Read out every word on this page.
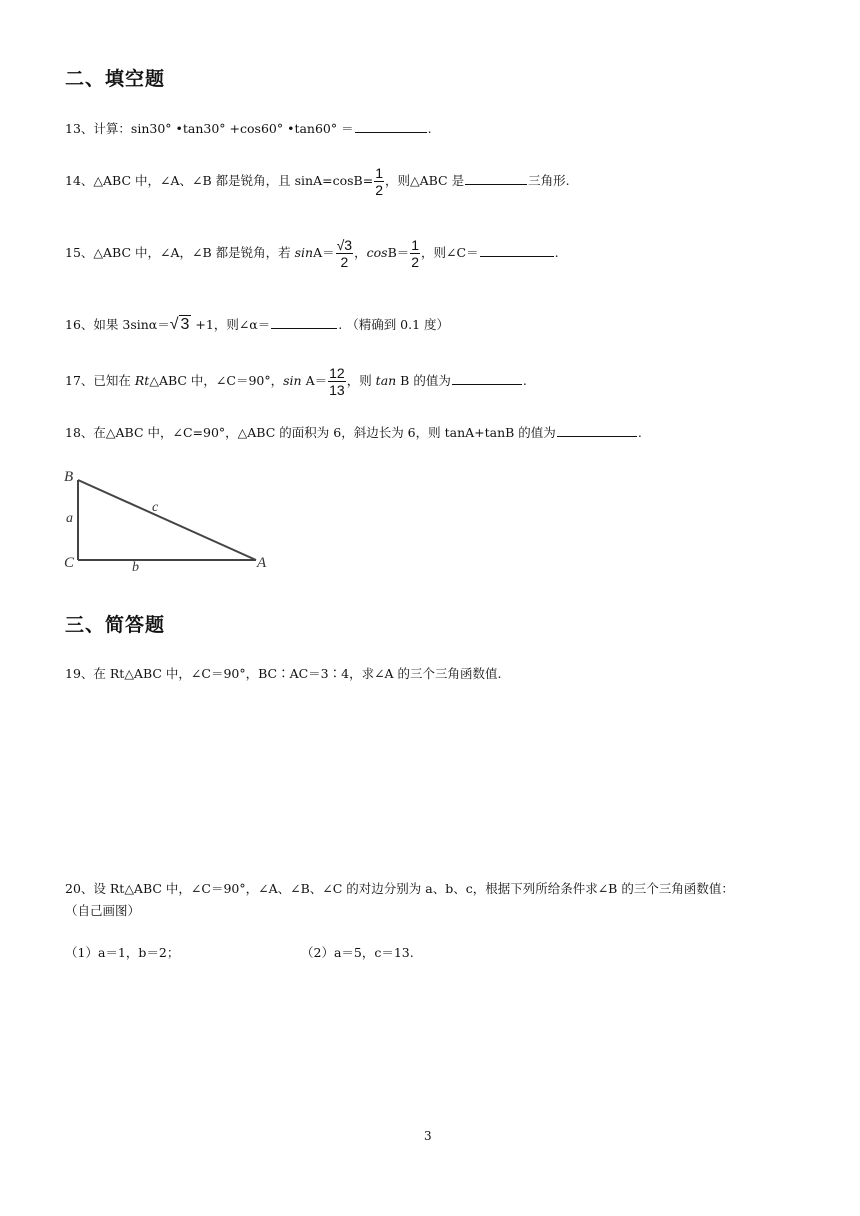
二、填空题
13、计算：sin30° •tan30° +cos60° •tan60° ＝	.
14、△ABC 中，∠A、∠B 都是锐角，且 $\sin A=\cos B= \frac{1}{2}$ ，则△ABC 是	三角形.
15、△ABC 中，∠A，∠B 都是锐角，若 $\sin A= \frac{√3}{2}$ ，$\cos B= \frac{1}{2}$ ，则∠C＝	.
16、如果 3sinα＝√ 3 +1，则∠α＝	. （精确到 0.1 度）
17、已知在 Rt△ABC 中，∠C＝90°，$\sin A= \frac{12}{13}$ ，则 tan B 的值为	.
18、在△ABC 中，∠C=90°，△ABC 的面积为 6，斜边长为 6，则 tanA+tanB 的值为	.
B
C	A
a
b
c
三、简答题
19、在 Rt△ABC 中，∠C＝90°，BC∶AC＝3∶4，求∠A 的三个三角函数值.
20、设 Rt△ABC 中，∠C＝90°，∠A、∠B、∠C 的对边分别为 a、b、c，根据下列所给条件求∠B 的三个三角函数值：
（自己画图）
（1）a＝1，b＝2；	（2）a＝5，c＝13.
3
